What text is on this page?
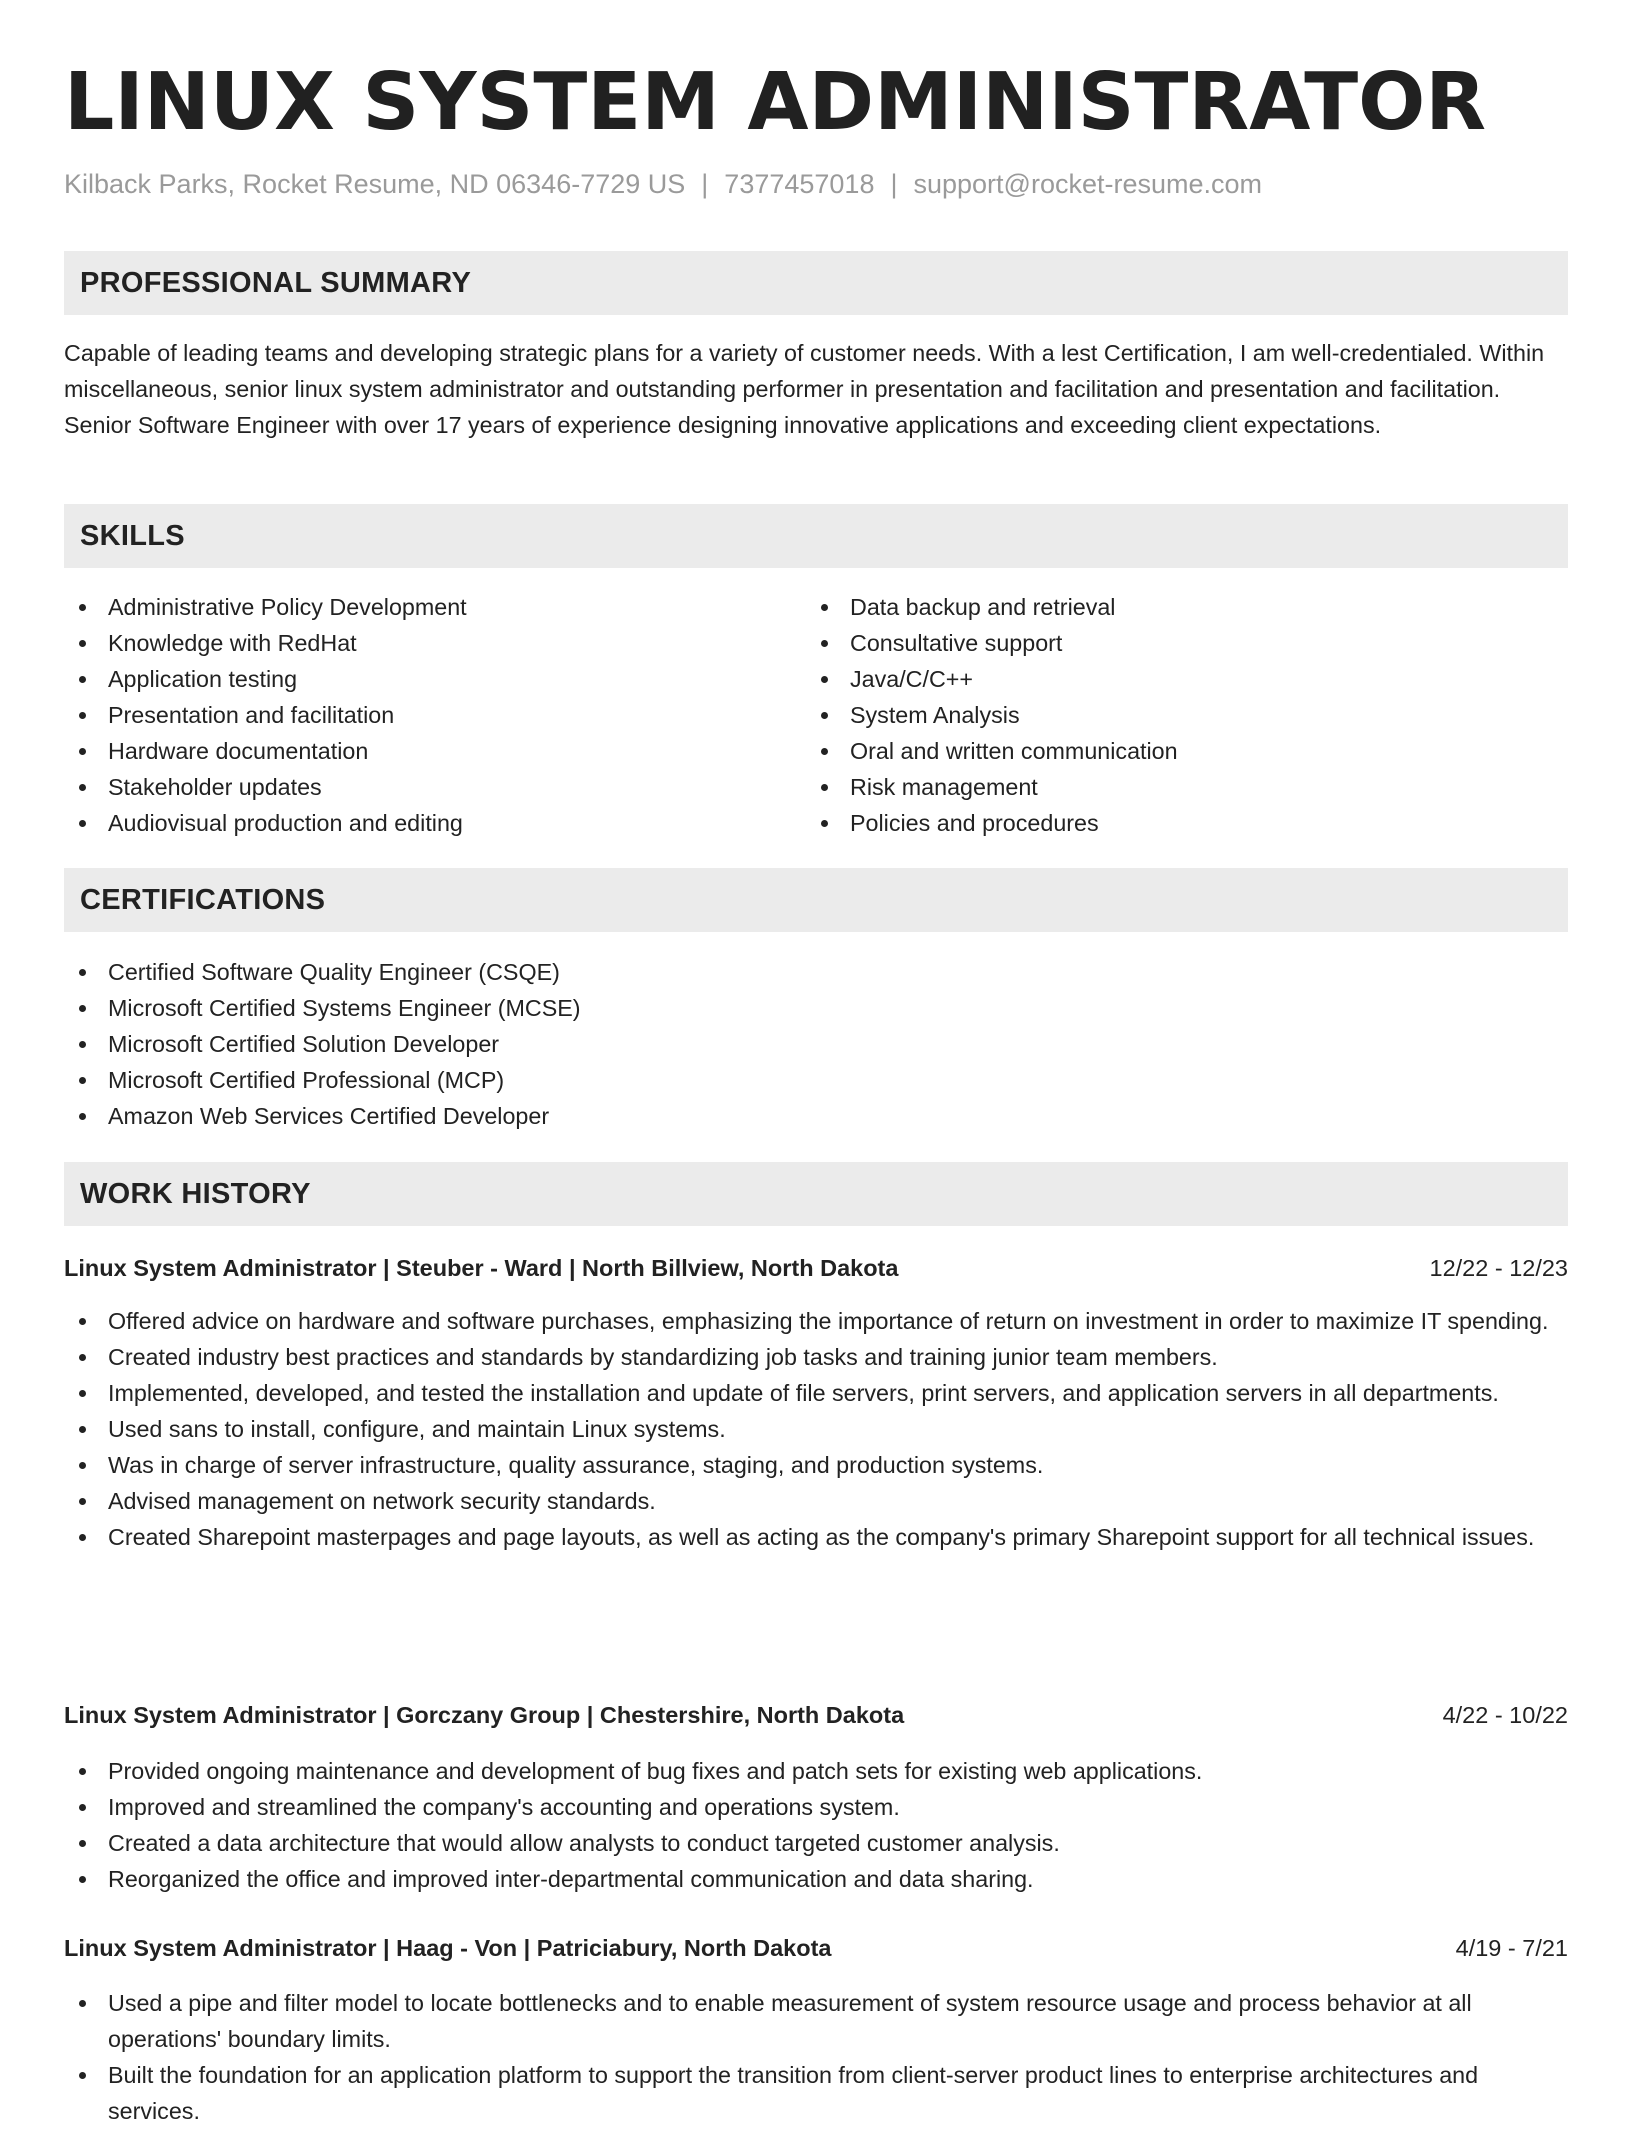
LINUX SYSTEM ADMINISTRATOR
Kilback Parks, Rocket Resume, ND 06346-7729 US | 7377457018 | support@rocket-resume.com
PROFESSIONAL SUMMARY

Capable of leading teams and developing strategic plans for a variety of customer needs. With a lest Certification, I am well-credentialed. Within miscellaneous, senior linux system administrator and outstanding performer in presentation and facilitation and presentation and facilitation. Senior Software Engineer with over 17 years of experience designing innovative applications and exceeding client expectations.

SKILLS
Administrative Policy Development
Knowledge with RedHat
Application testing
Presentation and facilitation
Hardware documentation
Stakeholder updates
Audiovisual production and editing
Data backup and retrieval
Consultative support
Java/C/C++
System Analysis
Oral and written communication
Risk management
Policies and procedures
CERTIFICATIONS
Certified Software Quality Engineer (CSQE)
Microsoft Certified Systems Engineer (MCSE)
Microsoft Certified Solution Developer
Microsoft Certified Professional (MCP)
Amazon Web Services Certified Developer
WORK HISTORY
Linux System Administrator | Steuber - Ward | North Billview, North Dakota	12/22 - 12/23
Offered advice on hardware and software purchases, emphasizing the importance of return on investment in order to maximize IT spending.
Created industry best practices and standards by standardizing job tasks and training junior team members.
Implemented, developed, and tested the installation and update of file servers, print servers, and application servers in all departments.
Used sans to install, configure, and maintain Linux systems.
Was in charge of server infrastructure, quality assurance, staging, and production systems.
Advised management on network security standards.
Created Sharepoint masterpages and page layouts, as well as acting as the company's primary Sharepoint support for all technical issues.
Linux System Administrator | Gorczany Group | Chestershire, North Dakota	4/22 - 10/22
Provided ongoing maintenance and development of bug fixes and patch sets for existing web applications.
Improved and streamlined the company's accounting and operations system.
Created a data architecture that would allow analysts to conduct targeted customer analysis.
Reorganized the office and improved inter-departmental communication and data sharing.
Linux System Administrator | Haag - Von | Patriciabury, North Dakota	4/19 - 7/21
Used a pipe and filter model to locate bottlenecks and to enable measurement of system resource usage and process behavior at all operations' boundary limits.
Built the foundation for an application platform to support the transition from client-server product lines to enterprise architectures and services.
